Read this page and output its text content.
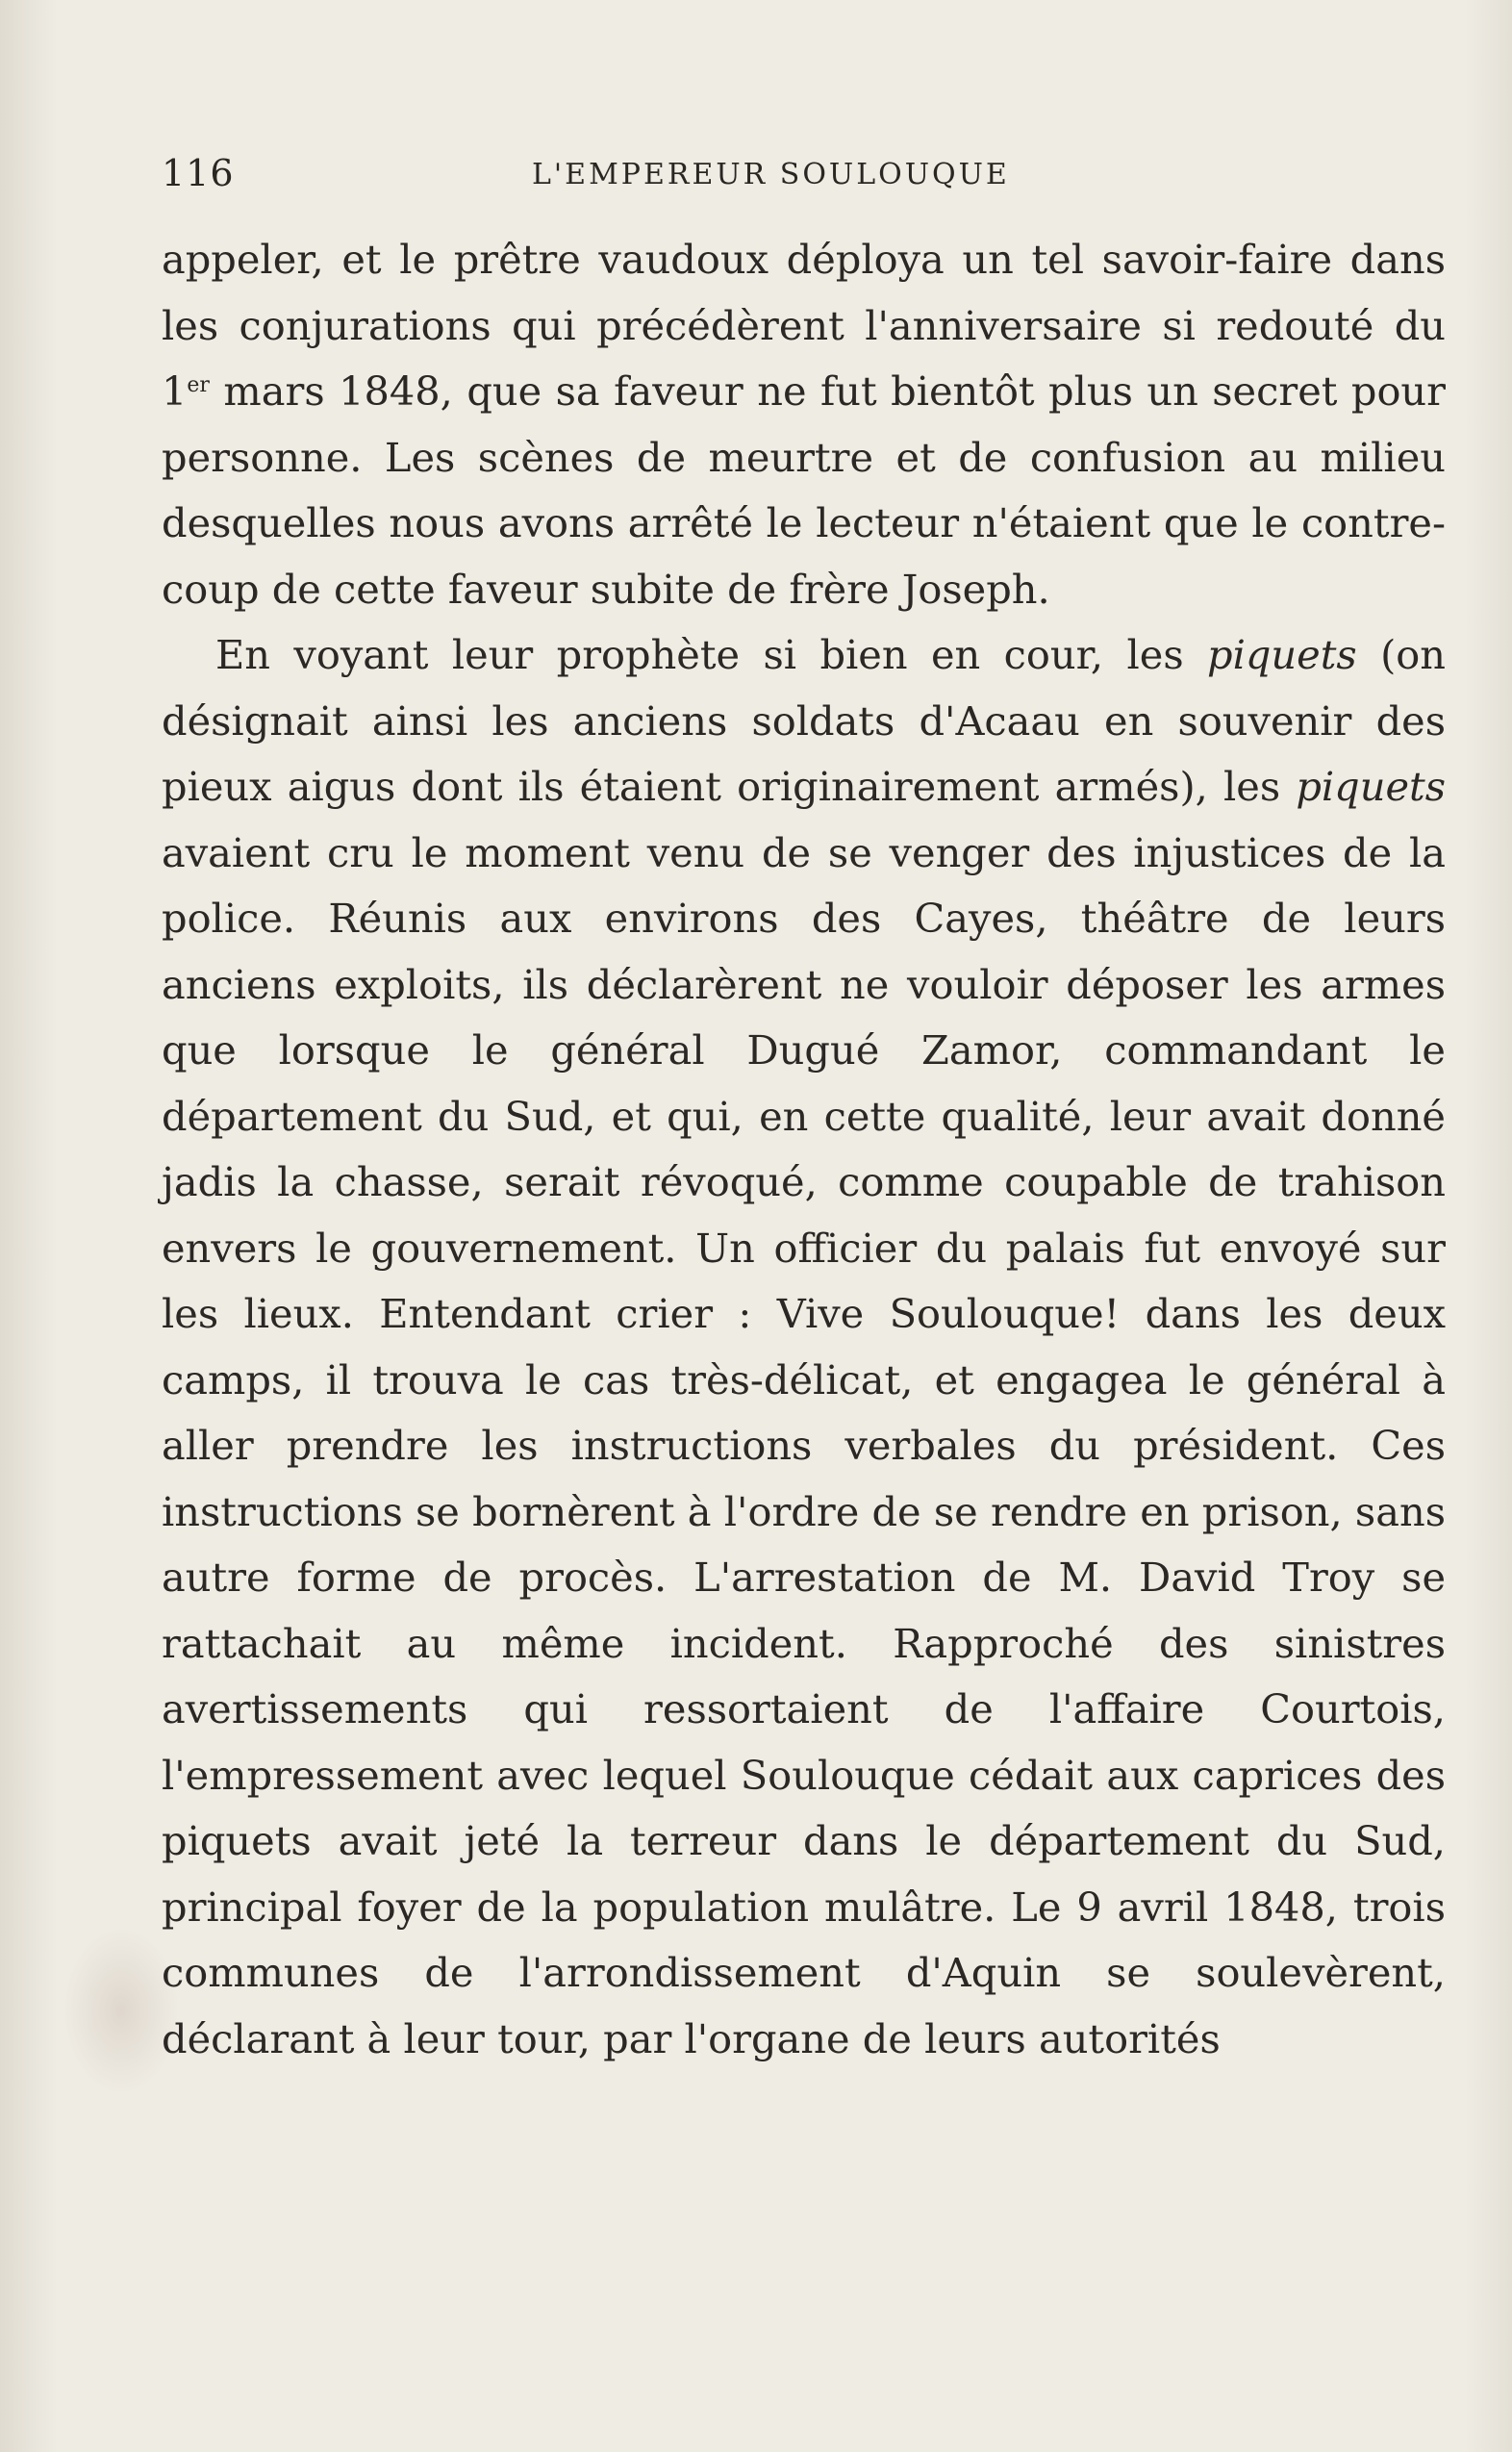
116	L'EMPEREUR SOULOUQUE

appeler, et le prêtre vaudoux déploya un tel savoir-faire dans les conjurations qui précédèrent l'anniversaire si redouté du 1er mars 1848, que sa faveur ne fut bientôt plus un secret pour personne. Les scènes de meurtre et de confusion au milieu desquelles nous avons arrêté le lecteur n'étaient que le contre-coup de cette faveur subite de frère Joseph.

En voyant leur prophète si bien en cour, les piquets (on désignait ainsi les anciens soldats d'Acaau en souvenir des pieux aigus dont ils étaient originairement armés), les piquets avaient cru le moment venu de se venger des injustices de la police. Réunis aux environs des Cayes, théâtre de leurs anciens exploits, ils déclarèrent ne vouloir déposer les armes que lorsque le général Dugué Zamor, commandant le département du Sud, et qui, en cette qualité, leur avait donné jadis la chasse, serait révoqué, comme coupable de trahison envers le gouvernement. Un officier du palais fut envoyé sur les lieux. Entendant crier : Vive Soulouque! dans les deux camps, il trouva le cas très-délicat, et engagea le général à aller prendre les instructions verbales du président. Ces instructions se bornèrent à l'ordre de se rendre en prison, sans autre forme de procès. L'arrestation de M. David Troy se rattachait au même incident. Rapproché des sinistres avertissements qui ressortaient de l'affaire Courtois, l'empressement avec lequel Soulouque cédait aux caprices des piquets avait jeté la terreur dans le département du Sud, principal foyer de la population mulâtre. Le 9 avril 1848, trois communes de l'arrondissement d'Aquin se soulevèrent, déclarant à leur tour, par l'organe de leurs autorités
